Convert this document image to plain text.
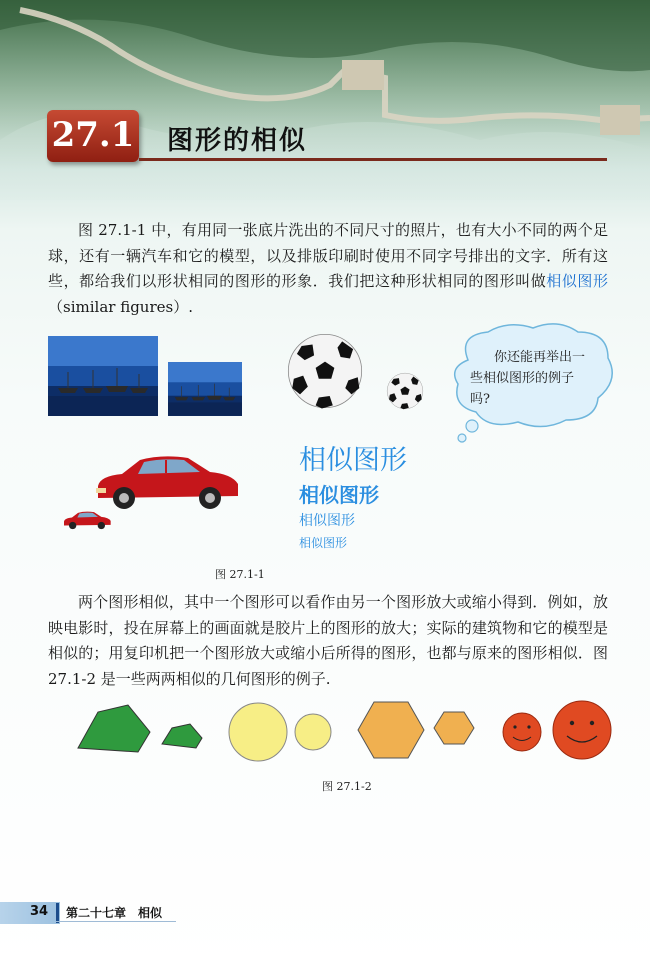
27.1 图形的相似
图 27.1-1 中，有用同一张底片洗出的不同尺寸的照片，也有大小不同的两个足球，还有一辆汽车和它的模型，以及排版印刷时使用不同字号排出的文字．所有这些，都给我们以形状相同的图形的形象．我们把这种形状相同的图形叫做相似图形（similar figures）.
你还能再举出一些相似图形的例子吗?
相似图形
相似图形
相似图形
相似图形
图 27.1-1
两个图形相似，其中一个图形可以看作由另一个图形放大或缩小得到．例如，放映电影时，投在屏幕上的画面就是胶片上的图形的放大；实际的建筑物和它的模型是相似的；用复印机把一个图形放大或缩小后所得的图形，也都与原来的图形相似．图 27.1-2 是一些两两相似的几何图形的例子.
图 27.1-2
34 第二十七章　相似
